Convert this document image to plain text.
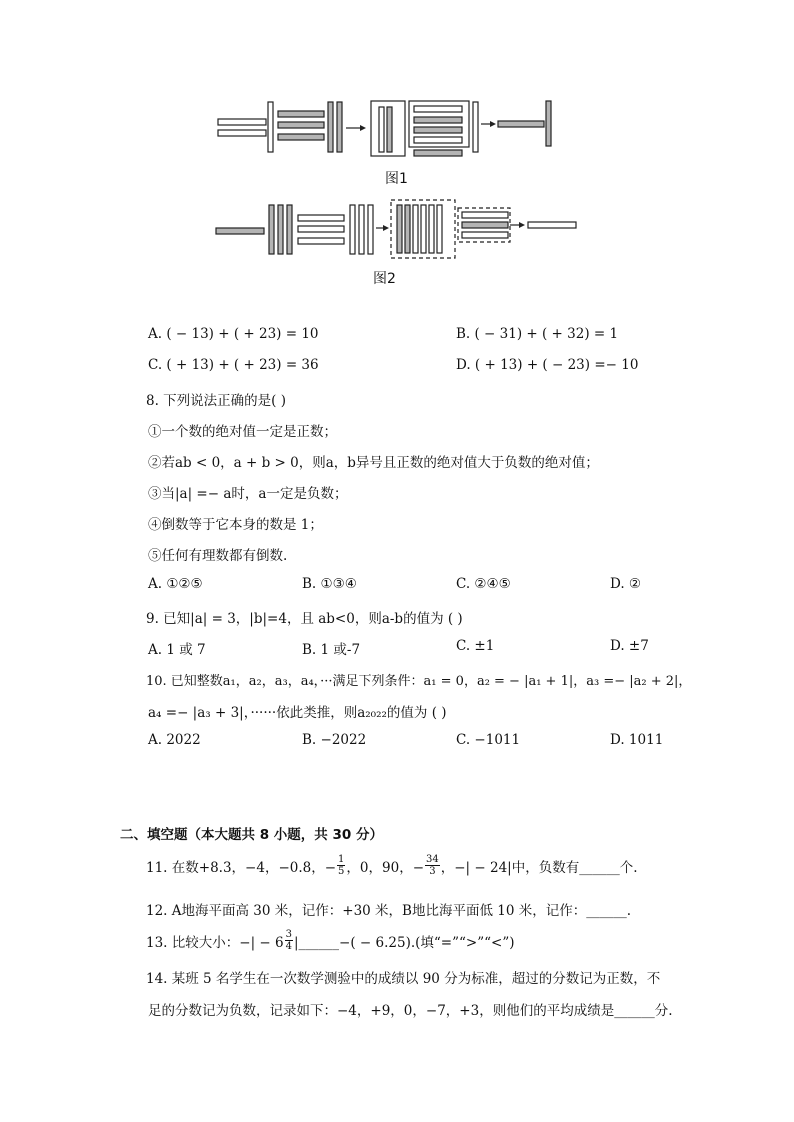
图1
图2
A. ( − 13) + ( + 23) = 10	B. ( − 31) + ( + 32) = 1
C. ( + 13) + ( + 23) = 36	D. ( + 13) + ( − 23) =− 10
8. 下列说法正确的是( )
①一个数的绝对值一定是正数；
②若ab < 0，a + b > 0，则a，b异号且正数的绝对值大于负数的绝对值；
③当|a| =− a时，a一定是负数；
④倒数等于它本身的数是 1；
⑤任何有理数都有倒数.
A. ①②⑤	B. ①③④	C. ②④⑤	D. ②
9. 已知|a| = 3，|b|=4，且 ab<0，则a-b的值为 ( )
A. 1 或 7	B. 1 或-7	C. ±1	D. ±7
10. 已知整数a₁，a₂，a₃，a₄，···满足下列条件：a₁ = 0，a₂ = − |a₁ + 1|，a₃ =− |a₂ + 2|，
a₄ =− |a₃ + 3|，······依此类推，则a₂₀₂₂的值为 ( )
A. 2022	B. −2022	C. −1011	D. 1011
二、填空题（本大题共 8 小题，共 30 分）
11. 在数+8.3，−4，−0.8，− $\frac{1}{5}$ ，0，90，− $\frac{34}{3}$ ，−| − 24|中，负数有______个.
12. A地海平面高 30 米，记作：+30 米，B地比海平面低 10 米，记作：______.
13. 比较大小：−| − $6 \frac{3}{4}$ |______−( − 6.25).(填“=”“>”“<”)
14. 某班 5 名学生在一次数学测验中的成绩以 90 分为标准，超过的分数记为正数，不
足的分数记为负数，记录如下：−4，+9，0，−7，+3，则他们的平均成绩是______分.
